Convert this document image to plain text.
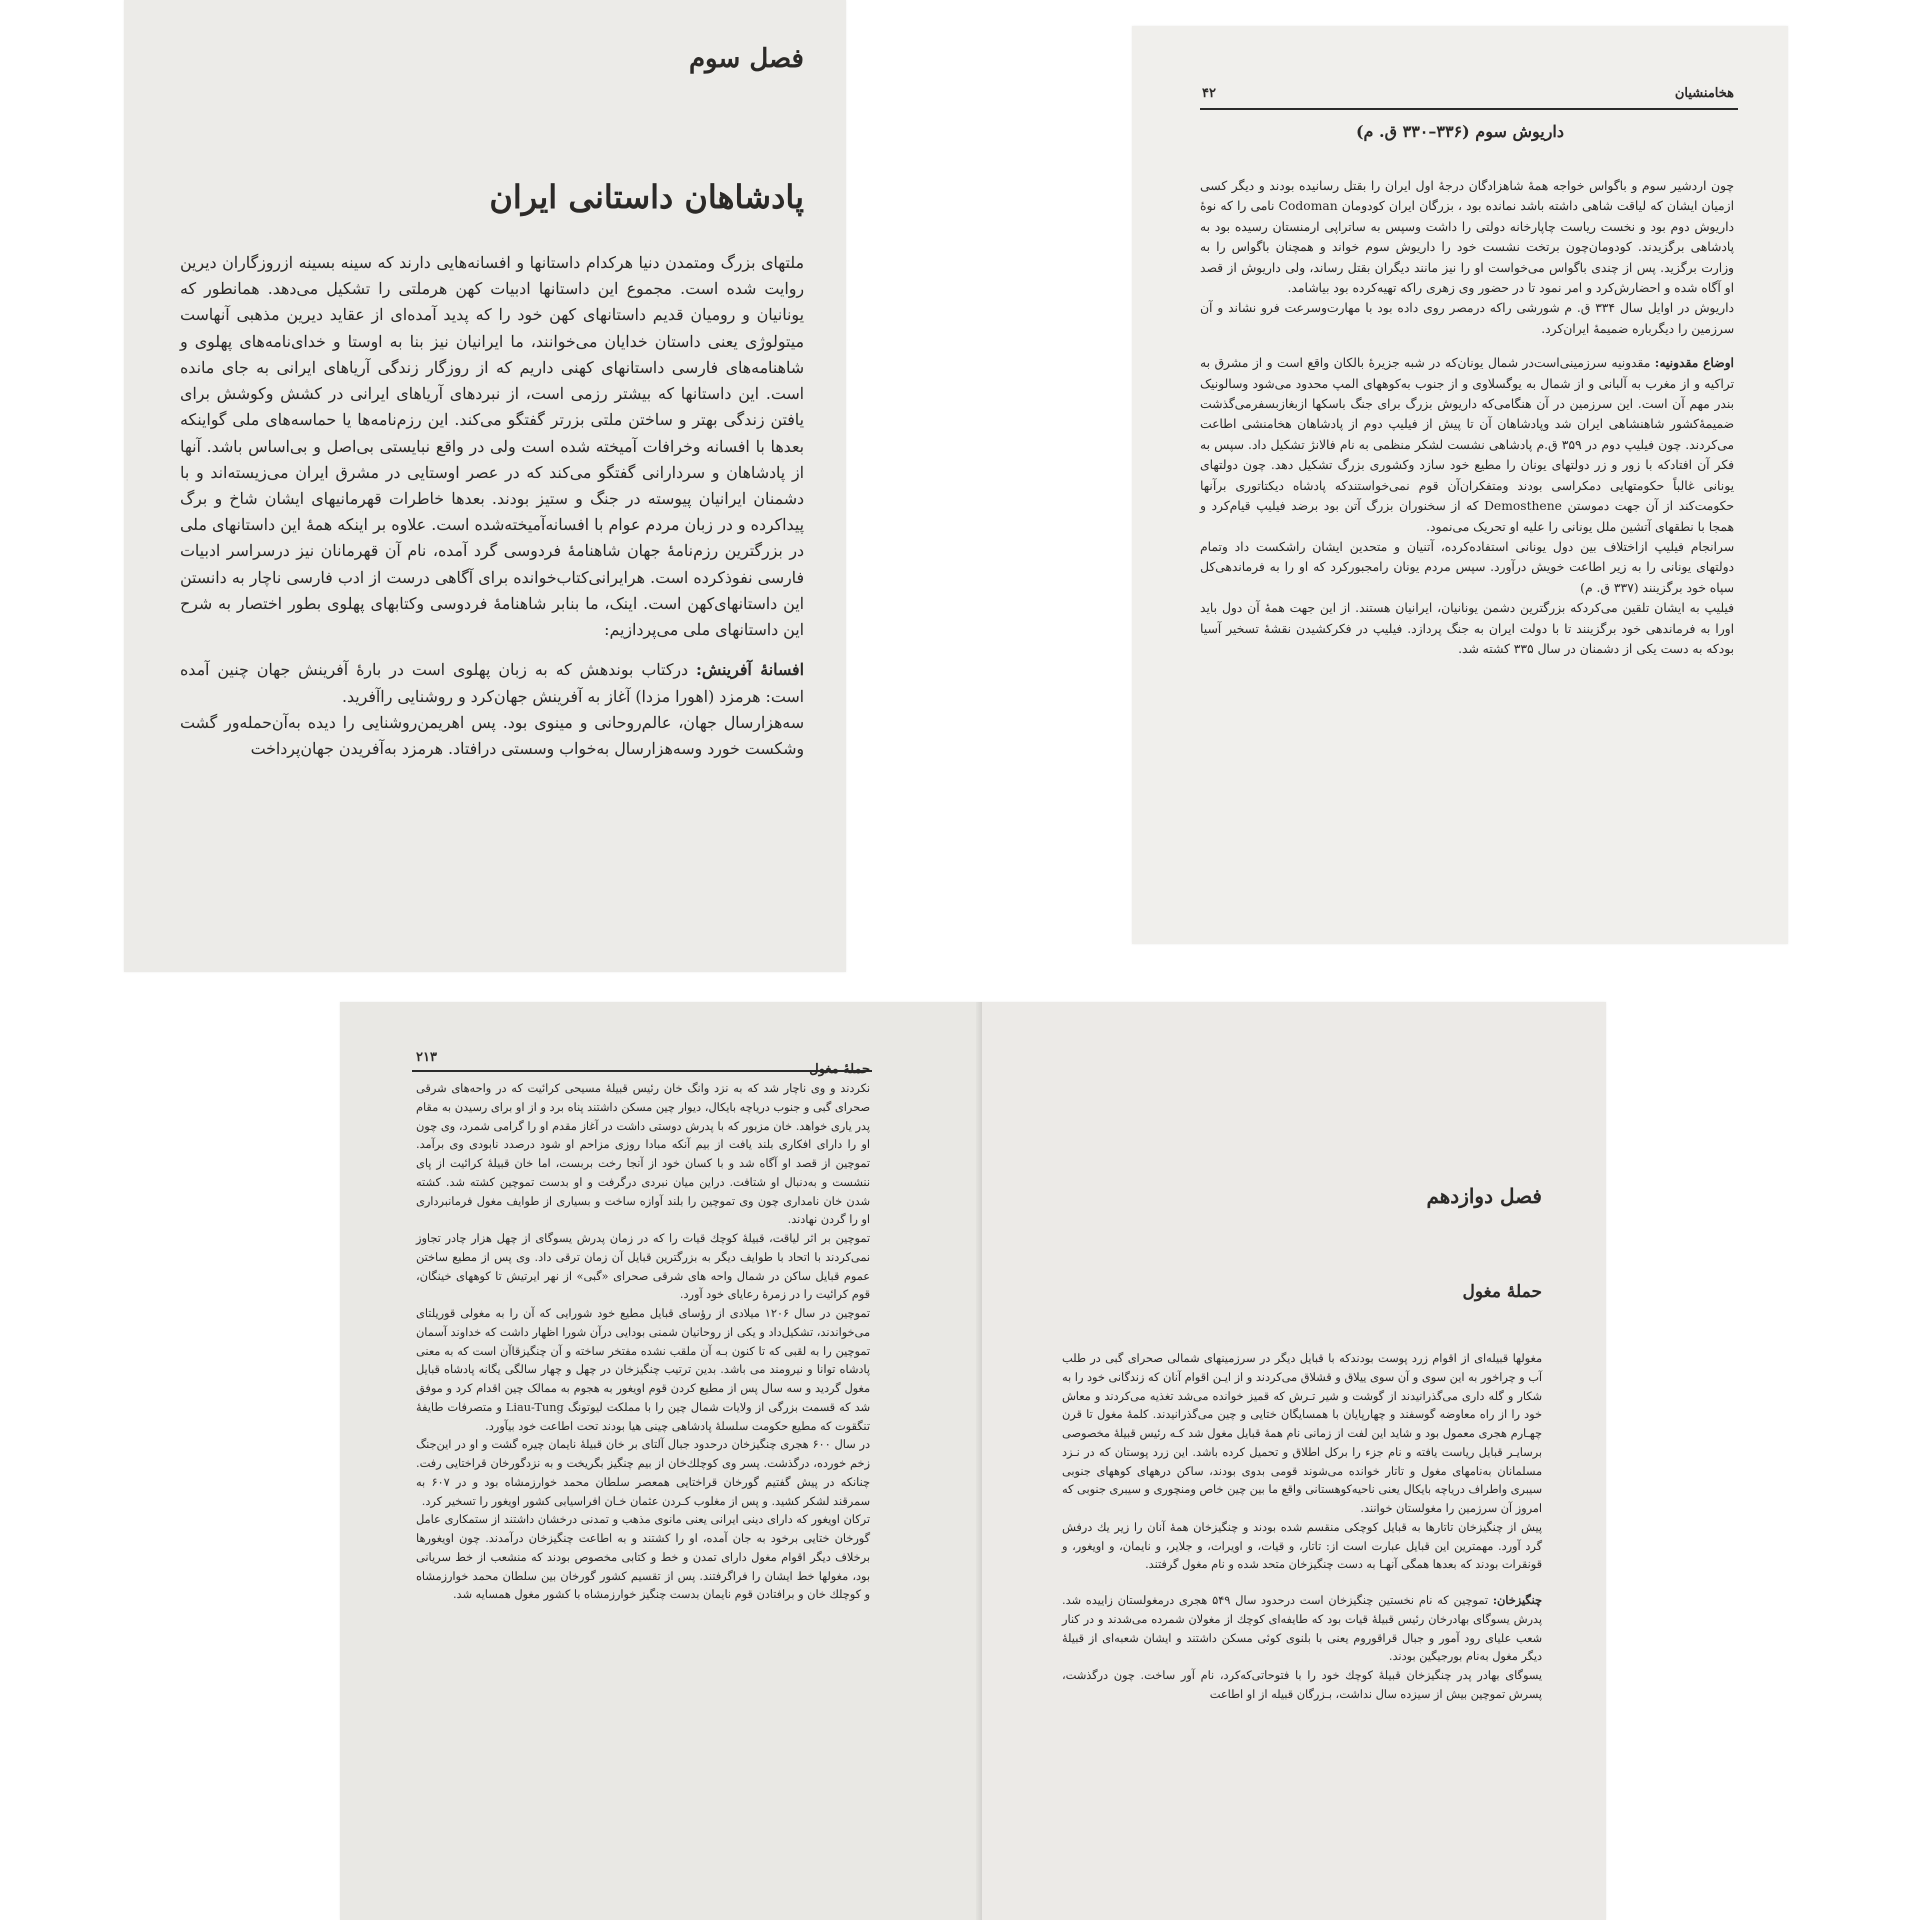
فصل سوم
پادشاهان داستانی ایران

ملتهای بزرگ ومتمدن دنیا هرکدام داستانها و افسانه‌هایی دارند که سینه بسینه ازروزگاران دیرین روایت شده است. مجموع این داستانها ادبیات کهن هرملتی را تشکیل می‌دهد. همانطور که یونانیان و رومیان قدیم داستانهای کهن خود را که پدید آمده‌ای از عقاید دیرین مذهبی آنهاست میتولوژی یعنی داستان خدایان می‌خوانند، ما ایرانیان نیز بنا به اوستا و خدای‌نامه‌های پهلوی و شاهنامه‌های فارسی داستانهای کهنی داریم که از روزگار زندگی آریاهای ایرانی به جای مانده است. این داستانها که بیشتر رزمی است، از نبردهای آریاهای ایرانی در کشش وکوشش برای یافتن زندگی بهتر و ساختن ملتی بزرتر گفتگو می‌کند. این رزم‌نامه‌ها یا حماسه‌های ملی گواینکه بعدها با افسانه وخرافات آمیخته شده است ولی در واقع نبایستی بی‌اصل و بی‌اساس باشد. آنها از پادشاهان و سردارانی گفتگو می‌کند که در عصر اوستایی در مشرق ایران می‌زیسته‌اند و با دشمنان ایرانیان پیوسته در جنگ و ستیز بودند. بعدها خاطرات قهرمانیهای ایشان شاخ و برگ پیداکرده و در زبان مردم عوام با افسانه‌آمیخته‌شده است. علاوه بر اینکه همهٔ این داستانهای ملی در بزرگترین رزم‌نامهٔ جهان شاهنامهٔ فردوسی گرد آمده، نام آن قهرمانان نیز درسراسر ادبیات فارسی نفوذکرده است. هرایرانی‌کتاب‌خوانده برای آگاهی درست از ادب فارسی ناچار به دانستن این داستانهای‌کهن است. اینک، ما بنابر شاهنامهٔ فردوسی وکتابهای پهلوی بطور اختصار به شرح این داستانهای ملی می‌پردازیم:

افسانهٔ آفرینش: درکتاب بوندهش که به زبان پهلوی است در بارهٔ آفرینش جهان چنین آمده است: هرمزد (اهورا مزدا) آغاز به آفرینش جهان‌کرد و روشنایی راآفرید.

سه‌هزارسال جهان، عالم‌روحانی و مینوی بود. پس اهریمن‌روشنایی را دیده به‌آن‌حمله‌ور گشت وشکست خورد وسه‌هزارسال به‌خواب وسستی درافتاد. هرمزد به‌آفریدن جهان‌پرداخت

هخامنشیان
۴۲
داریوش سوم (۳۳۶–۳۳۰ ق. م)

چون اردشیر سوم و باگواس خواجه همهٔ شاهزادگان درجهٔ اول ایران را بقتل رسانیده بودند و دیگر کسی ازمیان ایشان که لیاقت شاهی داشته باشد نمانده بود ، بزرگان ایران کودومان Codoman نامی را که نوهٔ داریوش دوم بود و نخست ریاست چاپارخانه دولتی را داشت وسپس به ساتراپی ارمنستان رسیده بود به پادشاهی برگزیدند. کودومان‌چون برتخت نشست خود را داریوش سوم خواند و همچنان باگواس را به وزارت برگزید. پس از چندی باگواس می‌خواست او را نیز مانند دیگران بقتل رساند، ولی داریوش از قصد او آگاه شده و احضارش‌کرد و امر نمود تا در حضور وی زهری راکه تهیه‌کرده بود بیاشامد.

داریوش در اوایل سال ۳۳۴ ق. م شورشی راکه درمصر روی داده بود با مهارت‌وسرعت فرو نشاند و آن سرزمین را دیگرباره ضمیمهٔ ایران‌کرد.

اوضاع مقدونیه: مقدونیه سرزمینی‌است‌در شمال یونان‌که در شبه جزیرهٔ بالکان واقع است و از مشرق به تراکیه و از مغرب به آلبانی و از شمال به یوگسلاوی و از جنوب به‌کوههای المپ محدود می‌شود وسالونیک بندر مهم آن است. این سرزمین در آن هنگامی‌که داریوش بزرگ برای جنگ باسکها ازبغازبسفرمی‌گذشت ضمیمهٔ‌کشور شاهنشاهی ایران شد وپادشاهان آن تا پیش از فیلیپ دوم از پادشاهان هخامنشی اطاعت می‌کردند. چون فیلیپ دوم در ۳۵۹ ق.م پادشاهی نشست لشکر منظمی به نام فالانژ تشکیل داد. سپس به فکر آن افتادکه با زور و زر دولتهای یونان را مطیع خود سازد وکشوری بزرگ تشکیل دهد. چون دولتهای یونانی غالباً حکومتهایی دمکراسی بودند ومتفکران‌آن قوم نمی‌خواستندکه پادشاه دیکتاتوری برآنها حکومت‌کند از آن جهت دموستن Demosthene که از سخنوران بزرگ آتن بود برضد فیلیپ قیام‌کرد و همجا با نطقهای آتشین ملل یونانی را علیه او تحریک می‌نمود.

سرانجام فیلیپ ازاختلاف بین دول یونانی استفاده‌کرده، آتنیان و متحدین ایشان راشکست داد وتمام دولتهای یونانی را به زیر اطاعت خویش درآورد. سپس مردم یونان رامجبورکرد که او را به فرماندهی‌کل سپاه خود برگزینند (۳۳۷ ق. م)

فیلیپ به ایشان تلقین می‌کردکه بزرگترین دشمن یونانیان، ایرانیان هستند. از این جهت همهٔ آن دول باید اورا به فرماندهی خود برگزینند تا با دولت ایران به جنگ پردازد. فیلیپ در فکرکشیدن نقشهٔ تسخیر آسیا بودکه به دست یکی از دشمنان در سال ۳۳۵ کشته شد.

۲۱۳

نکردند و وی ناچار شد که به نزد وانگ خان رئیس قبیلهٔ مسیحی کرائیت که در واحه‌های شرقی صحرای گبی و جنوب دریاچه بایکال، دیوار چین مسکن داشتند پناه برد و از او برای رسیدن به مقام پدر یاری خواهد. خان مزبور که با پدرش دوستی داشت در آغاز مقدم او را گرامی شمرد، وی چون او را دارای افکاری بلند یافت از بیم آنکه مبادا روزی مزاحم او شود درصدد نابودی وی برآمد. تموچین از قصد او آگاه شد و با کسان خود از آنجا رخت بربست، اما خان قبیلهٔ کرائیت از پای ننشست و به‌دنبال او شتافت. دراین میان نبردی درگرفت و او بدست تموچین کشته شد. کشته شدن خان نامداری چون وی تموچین را بلند آوازه ساخت و بسیاری از طوایف مغول فرمانبرداری او را گردن نهادند.

تموچین بر اثر لیاقت، قبیلهٔ کوچك قیات را که در زمان پدرش یسوگای از چهل هزار چادر تجاوز نمی‌کردند با اتحاد با طوایف دیگر به بزرگترین قبایل آن زمان ترقی داد. وی پس از مطیع ساختن عموم قبایل ساکن در شمال واحه های شرقی صحرای «گبی» از نهر ایرتیش تا کوههای خینگان، قوم کرائیت را در زمرهٔ رعایای خود آورد.

تموچین در سال ۱۲۰۶ میلادی از رؤسای قبایل مطیع خود شورایی که آن را به مغولی قوریلتای می‌خواندند، تشکیل‌داد و یکی از روحانیان شمنی بودایی درآن شورا اظهار داشت که خداوند آسمان تموچین را به لقبی که تا کنون بـه آن ملقب نشده مفتخر ساخته و آن چنگیزقاآن است که به معنی پادشاه توانا و نیرومند می باشد. بدین ترتیب چنگیزخان در چهل و چهار سالگی یگانه پادشاه قبایل مغول گردید و سه سال پس از مطیع کردن قوم اویغور به هجوم به ممالک چین اقدام کرد و موفق شد که قسمت بزرگی از ولایات شمال چین را با مملکت لیوتونگ Liau-Tung و متصرفات طایفهٔ تنگقوت که مطیع حکومت سلسلهٔ پادشاهی چینی هیا بودند تحت اطاعت خود بیآورد.

در سال ۶۰۰ هجری چنگیزخان درحدود جبال آلتای بر خان قبیلهٔ نایمان چیره گشت و او در این‌جنگ زخم خورده، درگذشت. پسر وی کوچلك‌خان از بیم چنگیز بگریخت و به نزدگورخان قراختایی رفت. چنانکه در پیش گفتیم گورخان قراختایی همعصر سلطان محمد خوارزمشاه بود و در ۶۰۷ به سمرقند لشکر کشید. و پس از مغلوب کـردن عثمان خـان افراسیابی کشور اویغور را تسخیر کرد.

ترکان اویغور که دارای دینی ایرانی یعنی مانوی مذهب و تمدنی درخشان داشتند از ستمکاری عامل گورخان ختایی برخود به جان آمده، او را کشتند و به اطاعت چنگیزخان درآمدند. چون اویغورها برخلاف دیگر اقوام مغول دارای تمدن و خط و کتابی مخصوص بودند که منشعب از خط سریانی بود، مغولها خط ایشان را فراگرفتند. پس از تقسیم کشور گورخان بین سلطان محمد خوارزمشاه و کوچلك خان و برافتادن قوم نایمان بدست چنگیز خوارزمشاه با کشور مغول همسایه شد.

فصل دوازدهم
حملهٔ مغول

مغولها قبیله‌ای از اقوام زرد پوست بودندکه با قبایل دیگر در سرزمینهای شمالی صحرای گبی در طلب آب و چراخور به این سوی و آن سوی ییلاق و قشلاق می‌کردند و از ایـن اقوام آنان که زندگانی خود را به شکار و گله داری می‌گذرانیدند از گوشت و شیر تـرش که قمیز خوانده می‌شد تغذیه می‌کردند و معاش خود را از راه معاوضه گوسفند و چهارپایان با همسایگان ختایی و چین می‌گذرانیدند. کلمهٔ مغول تا قرن چهـارم هجری معمول بود و شاید این لفت از زمانی نام همهٔ قبایل مغول شد کـه رئیس قبیلهٔ مخصوصی برسایـر قبایل ریاست یافته و نام جزء را برکل اطلاق و تحمیل کرده باشد. این زرد پوستان که در نـزد مسلمانان به‌نامهای مغول و تاتار خوانده می‌شوند قومی بدوی بودند، ساکن درههای کوههای جنوبی سیبری واطراف دریاچه بایکال یعنی ناحیه‌کوهستانی واقع ما بین چین خاص ومنچوری و سیبری جنوبی که امروز آن سرزمین را مغولستان خوانند.

پیش از چنگیزخان تاتارها به قبایل کوچکی منقسم شده بودند و چنگیزخان همهٔ آنان را زیر یك درفش گرد آورد. مهمترین این قبایل عبارت است از: تاتار، و قیات، و اویرات، و جلایر، و نایمان، و اویغور، و قونقرات بودند که بعدها همگی آنهـا به دست چنگیزخان متحد شده و نام مغول گرفتند.

چنگیزخان: تموچین که نام نخستین چنگیزخان است درحدود سال ۵۴۹ هجری درمغولستان زاییده شد. پدرش یسوگای بهادرخان رئیس قبیلهٔ قیات بود که طایفه‌ای کوچك از مغولان شمرده می‌شدند و در کنار شعب علیای رود آمور و جبال قراقوروم یعنی با بلنوی کوئی مسکن داشتند و ایشان شعبه‌ای از قبیلهٔ دیگر مغول به‌نام بورجیگین بودند.

یسوگای بهادر پدر چنگیزخان قبیلهٔ کوچك خود را با فتوحاتی‌که‌کرد، نام آور ساخت. چون درگذشت، پسرش تموچین بیش از سیزده سال نداشت، بـزرگان قبیله از او اطاعت
